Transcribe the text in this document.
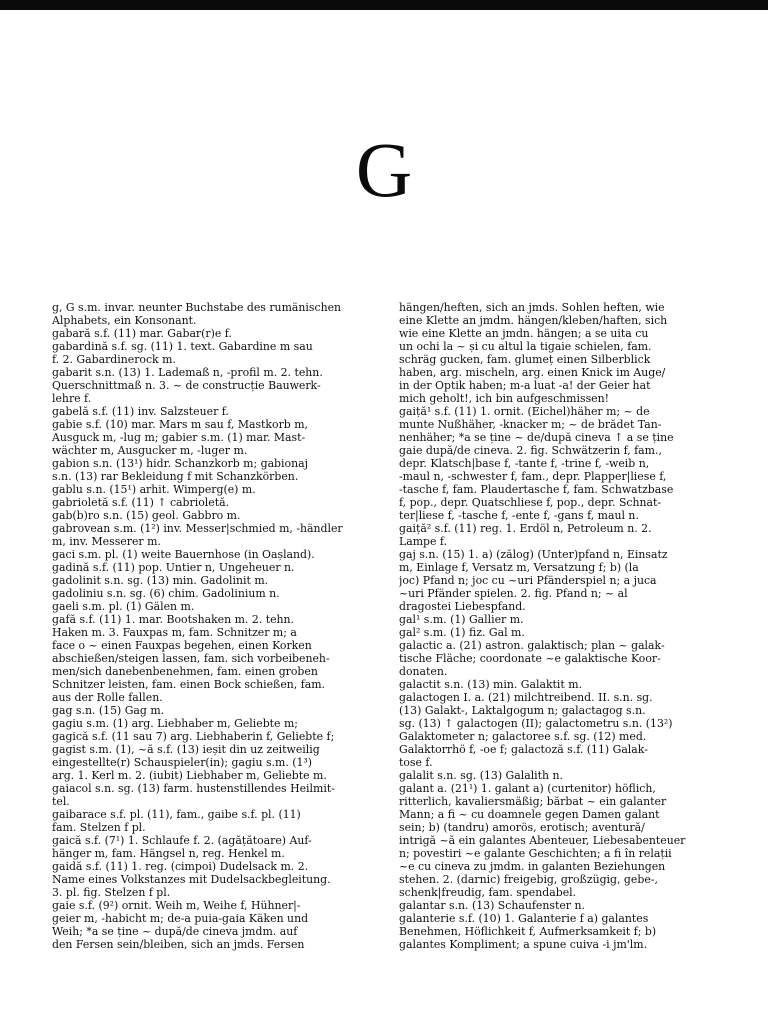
G
g, G s.m. invar. neunter Buchstabe des rumänischen
Alphabets, ein Konsonant.
gabară s.f. (11) mar. Gabar(r)e f.
gabardină s.f. sg. (11) 1. text. Gabardine m sau
f. 2. Gabardinerock m.
gabarit s.n. (13) 1. Lademaß n, -profil m. 2. tehn.
Querschnittmaß n. 3. ~ de construcție Bauwerk-
lehre f.
gabelă s.f. (11) inv. Salzsteuer f.
gabie s.f. (10) mar. Mars m sau f, Mastkorb m,
Ausguck m, -lug m; gabier s.m. (1) mar. Mast-
wächter m, Ausgucker m, -luger m.
gabion s.n. (13¹) hidr. Schanzkorb m; gabionaj
s.n. (13) rar Bekleidung f mit Schanzkörben.
gablu s.n. (15¹) arhit. Wimperg(e) m.
gabrioletă s.f. (11) ↑ cabrioletă.
gab(b)ro s.n. (15) geol. Gabbro m.
gabrovean s.m. (1²) inv. Messer|schmied m, -händler
m, inv. Messerer m.
gaci s.m. pl. (1) weite Bauernhose (in Oașland).
gadină s.f. (11) pop. Untier n, Ungeheuer n.
gadolinit s.n. sg. (13) min. Gadolinit m.
gadoliniu s.n. sg. (6) chim. Gadolinium n.
gaeli s.m. pl. (1) Gälen m.
gafă s.f. (11) 1. mar. Bootshaken m. 2. tehn.
Haken m. 3. Fauxpas m, fam. Schnitzer m; a
face o ~ einen Fauxpas begehen, einen Korken
abschießen/steigen lassen, fam. sich vorbeibeneh-
men/sich danebenbenehmen, fam. einen groben
Schnitzer leisten, fam. einen Bock schießen, fam.
aus der Rolle fallen.
gag s.n. (15) Gag m.
gagiu s.m. (1) arg. Liebhaber m, Geliebte m;
gagică s.f. (11 sau 7) arg. Liebhaberin f, Geliebte f;
gagist s.m. (1), ~ă s.f. (13) ieșit din uz zeitweilig
eingestellte(r) Schauspieler(in); gagiu s.m. (1³)
arg. 1. Kerl m. 2. (iubit) Liebhaber m, Geliebte m.
gaiacol s.n. sg. (13) farm. hustenstillendes Heilmit-
tel.
gaibarace s.f. pl. (11), fam., gaibe s.f. pl. (11)
fam. Stelzen f pl.
gaică s.f. (7¹) 1. Schlaufe f. 2. (agățătoare) Auf-
hänger m, fam. Hängsel n, reg. Henkel m.
gaidă s.f. (11) 1. reg. (cimpoi) Dudelsack m. 2.
Name eines Volkstanzes mit Dudelsackbegleitung.
3. pl. fig. Stelzen f pl.
gaie s.f. (9²) ornit. Weih m, Weihe f, Hühner|-
geier m, -habicht m; de-a puia-gaia Käken und
Weih; *a se ține ~ după/de cineva jmdm. auf
den Fersen sein/bleiben, sich an jmds. Fersen
hängen/heften, sich an jmds. Sohlen heften, wie
eine Klette an jmdm. hängen/kleben/haften, sich
wie eine Klette an jmdn. hängen; a se uita cu
un ochi la ~ și cu altul la tigaie schielen, fam.
schräg gucken, fam. glumeț einen Silberblick
haben, arg. mischeln, arg. einen Knick im Auge/
in der Optik haben; m-a luat -a! der Geier hat
mich geholt!, ich bin aufgeschmissen!
gaiță¹ s.f. (11) 1. ornit. (Eichel)häher m; ~ de
munte Nußhäher, -knacker m; ~ de brădet Tan-
nenhäher; *a se ține ~ de/după cineva ↑ a se ține
gaie după/de cineva. 2. fig. Schwätzerin f, fam.,
depr. Klatsch|base f, -tante f, -trine f, -weib n,
-maul n, -schwester f, fam., depr. Plapper|liese f,
-tasche f, fam. Plaudertasche f, fam. Schwatzbase
f, pop., depr. Quatschliese f, pop., depr. Schnat-
ter|liese f, -tasche f, -ente f, -gans f, maul n.
gaiță² s.f. (11) reg. 1. Erdöl n, Petroleum n. 2.
Lampe f.
gaj s.n. (15) 1. a) (zălog) (Unter)pfand n, Einsatz
m, Einlage f, Versatz m, Versatzung f; b) (la
joc) Pfand n; joc cu ~uri Pfänderspiel n; a juca
~uri Pfänder spielen. 2. fig. Pfand n; ~ al
dragostei Liebespfand.
gal¹ s.m. (1) Gallier m.
gal² s.m. (1) fiz. Gal m.
galactic a. (21) astron. galaktisch; plan ~ galak-
tische Fläche; coordonate ~e galaktische Koor-
donaten.
galactit s.n. (13) min. Galaktit m.
galactogen I. a. (21) milchtreibend. II. s.n. sg.
(13) Galakt-, Laktalgogum n; galactagog s.n.
sg. (13) ↑ galactogen (II); galactometru s.n. (13²)
Galaktometer n; galactoree s.f. sg. (12) med.
Galaktorrhö f, -oe f; galactoză s.f. (11) Galak-
tose f.
galalit s.n. sg. (13) Galalith n.
galant a. (21¹) 1. galant a) (curtenitor) höflich,
ritterlich, kavaliersmäßig; bărbat ~ ein galanter
Mann; a fi ~ cu doamnele gegen Damen galant
sein; b) (tandru) amorös, erotisch; aventură/
intrigă ~ă ein galantes Abenteuer, Liebesabenteuer
n; povestiri ~e galante Geschichten; a fi în relații
~e cu cineva zu jmdm. in galanten Beziehungen
stehen. 2. (darnic) freigebig, großzügig, gebe-,
schenk|freudig, fam. spendabel.
galantar s.n. (13) Schaufenster n.
galanterie s.f. (10) 1. Galanterie f a) galantes
Benehmen, Höflichkeit f, Aufmerksamkeit f; b)
galantes Kompliment; a spune cuiva -i jm'lm.
